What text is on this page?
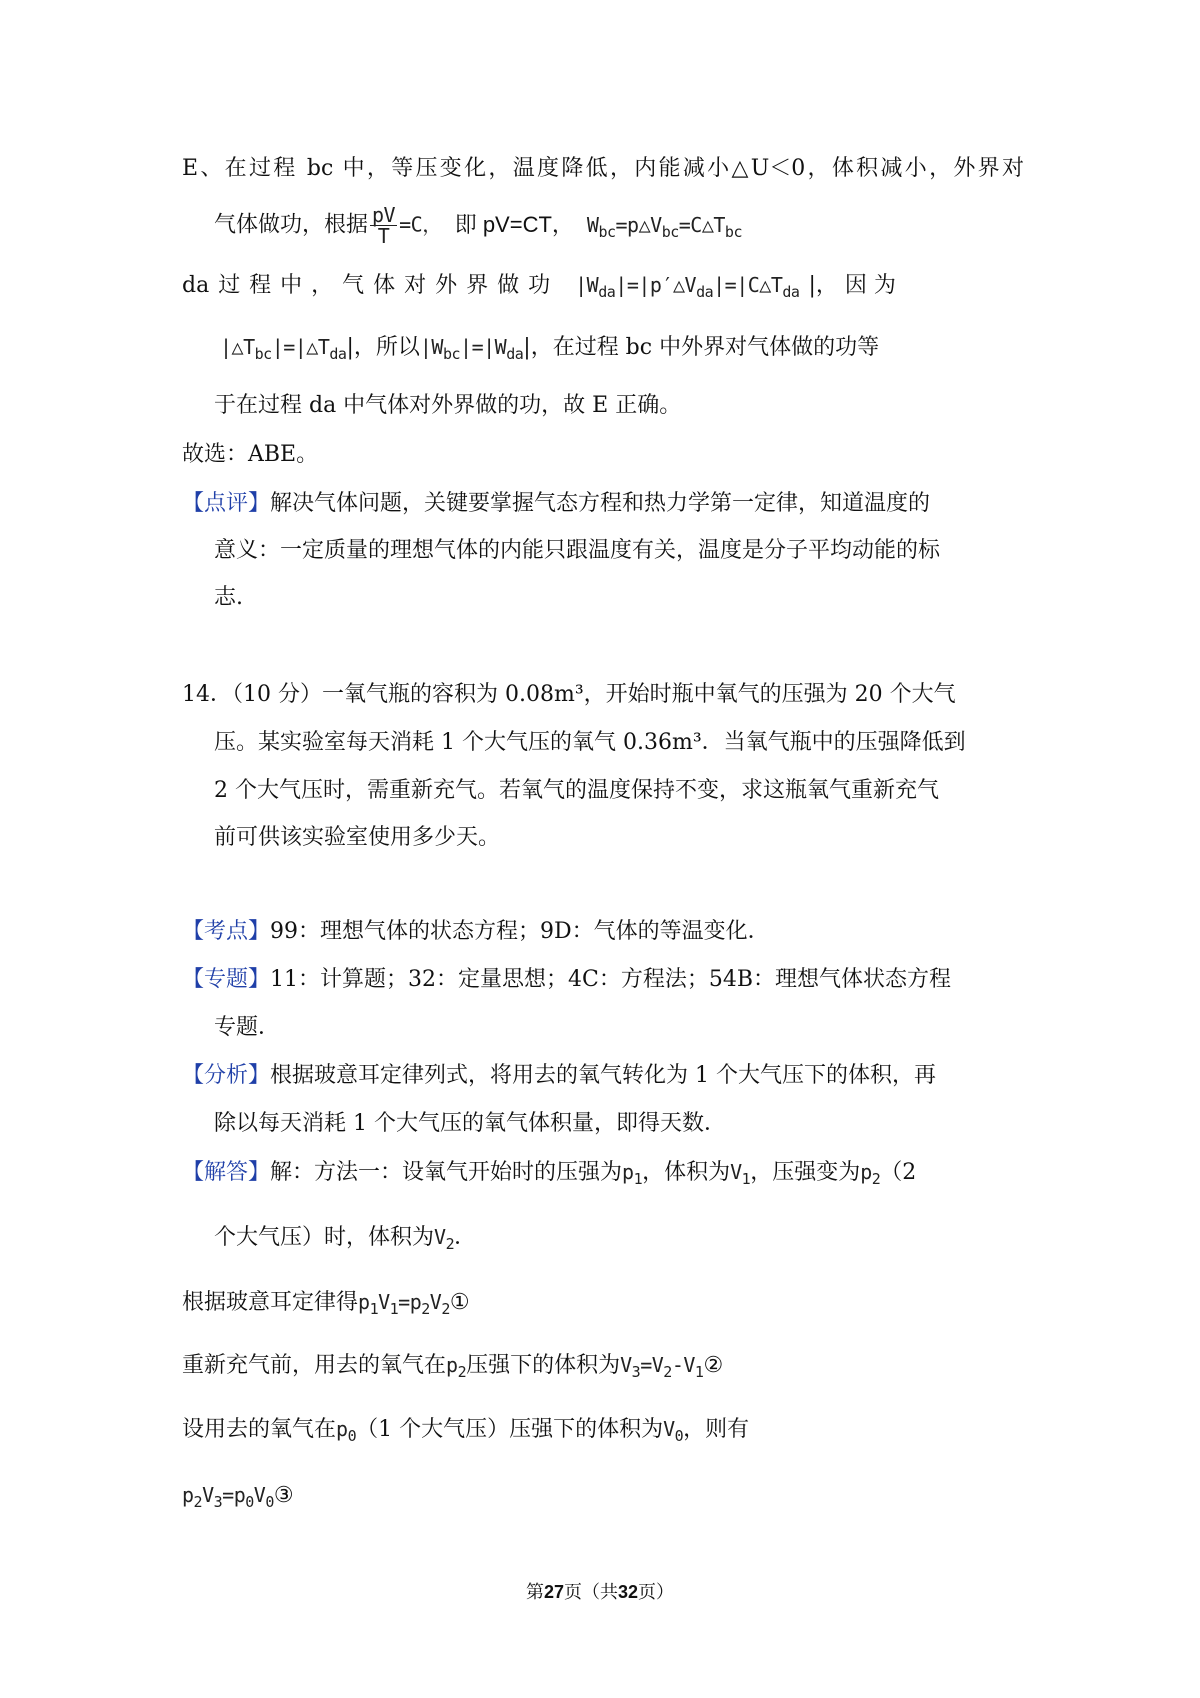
E、在过程 bc 中，等压变化，温度降低，内能减小△U＜0，体积减小，外界对
气体做功，根据 $\frac{pV}{T} =C$， 即 pV=CT， $W_{bc}=p\triangle V_{bc}=C\triangle T_{bc}$
da 过 程 中 ， 气 体 对 外 界 做 功 $|W_{da}|=|p'\triangle V_{da}|=|C\triangle T_{da}$ |， 因 为
$|\triangle T_{bc}|=|\triangle T_{da}|$，所以$|W_{bc}|=|W_{da}|$，在过程 bc 中外界对气体做的功等
于在过程 da 中气体对外界做的功，故 E 正确。
故选：ABE。
【点评】解决气体问题，关键要掌握气态方程和热力学第一定律，知道温度的
意义：一定质量的理想气体的内能只跟温度有关，温度是分子平均动能的标
志.
14．（10 分）一氧气瓶的容积为 0.08m³，开始时瓶中氧气的压强为 20 个大气
压。某实验室每天消耗 1 个大气压的氧气 0.36m³．当氧气瓶中的压强降低到
2 个大气压时，需重新充气。若氧气的温度保持不变，求这瓶氧气重新充气
前可供该实验室使用多少天。
【考点】99：理想气体的状态方程；9D：气体的等温变化．
【专题】11：计算题；32：定量思想；4C：方程法；54B：理想气体状态方程
专题．
【分析】根据玻意耳定律列式，将用去的氧气转化为 1 个大气压下的体积，再
除以每天消耗 1 个大气压的氧气体积量，即得天数．
【解答】解：方法一：设氧气开始时的压强为$p_1$，体积为$V_1$，压强变为$p_2(2$
个大气压）时，体积为$V_2$．
根据玻意耳定律得$p_1V_1=p_2V_2①$
重新充气前，用去的氧气在$p_2$压强下的体积为$V_3=V_2-V_1②$
设用去的氧气在$p_0(1$ 个大气压）压强下的体积为$V_0$，则有
$p_2V_3=p_0V_0③$
第27页（共32页）
